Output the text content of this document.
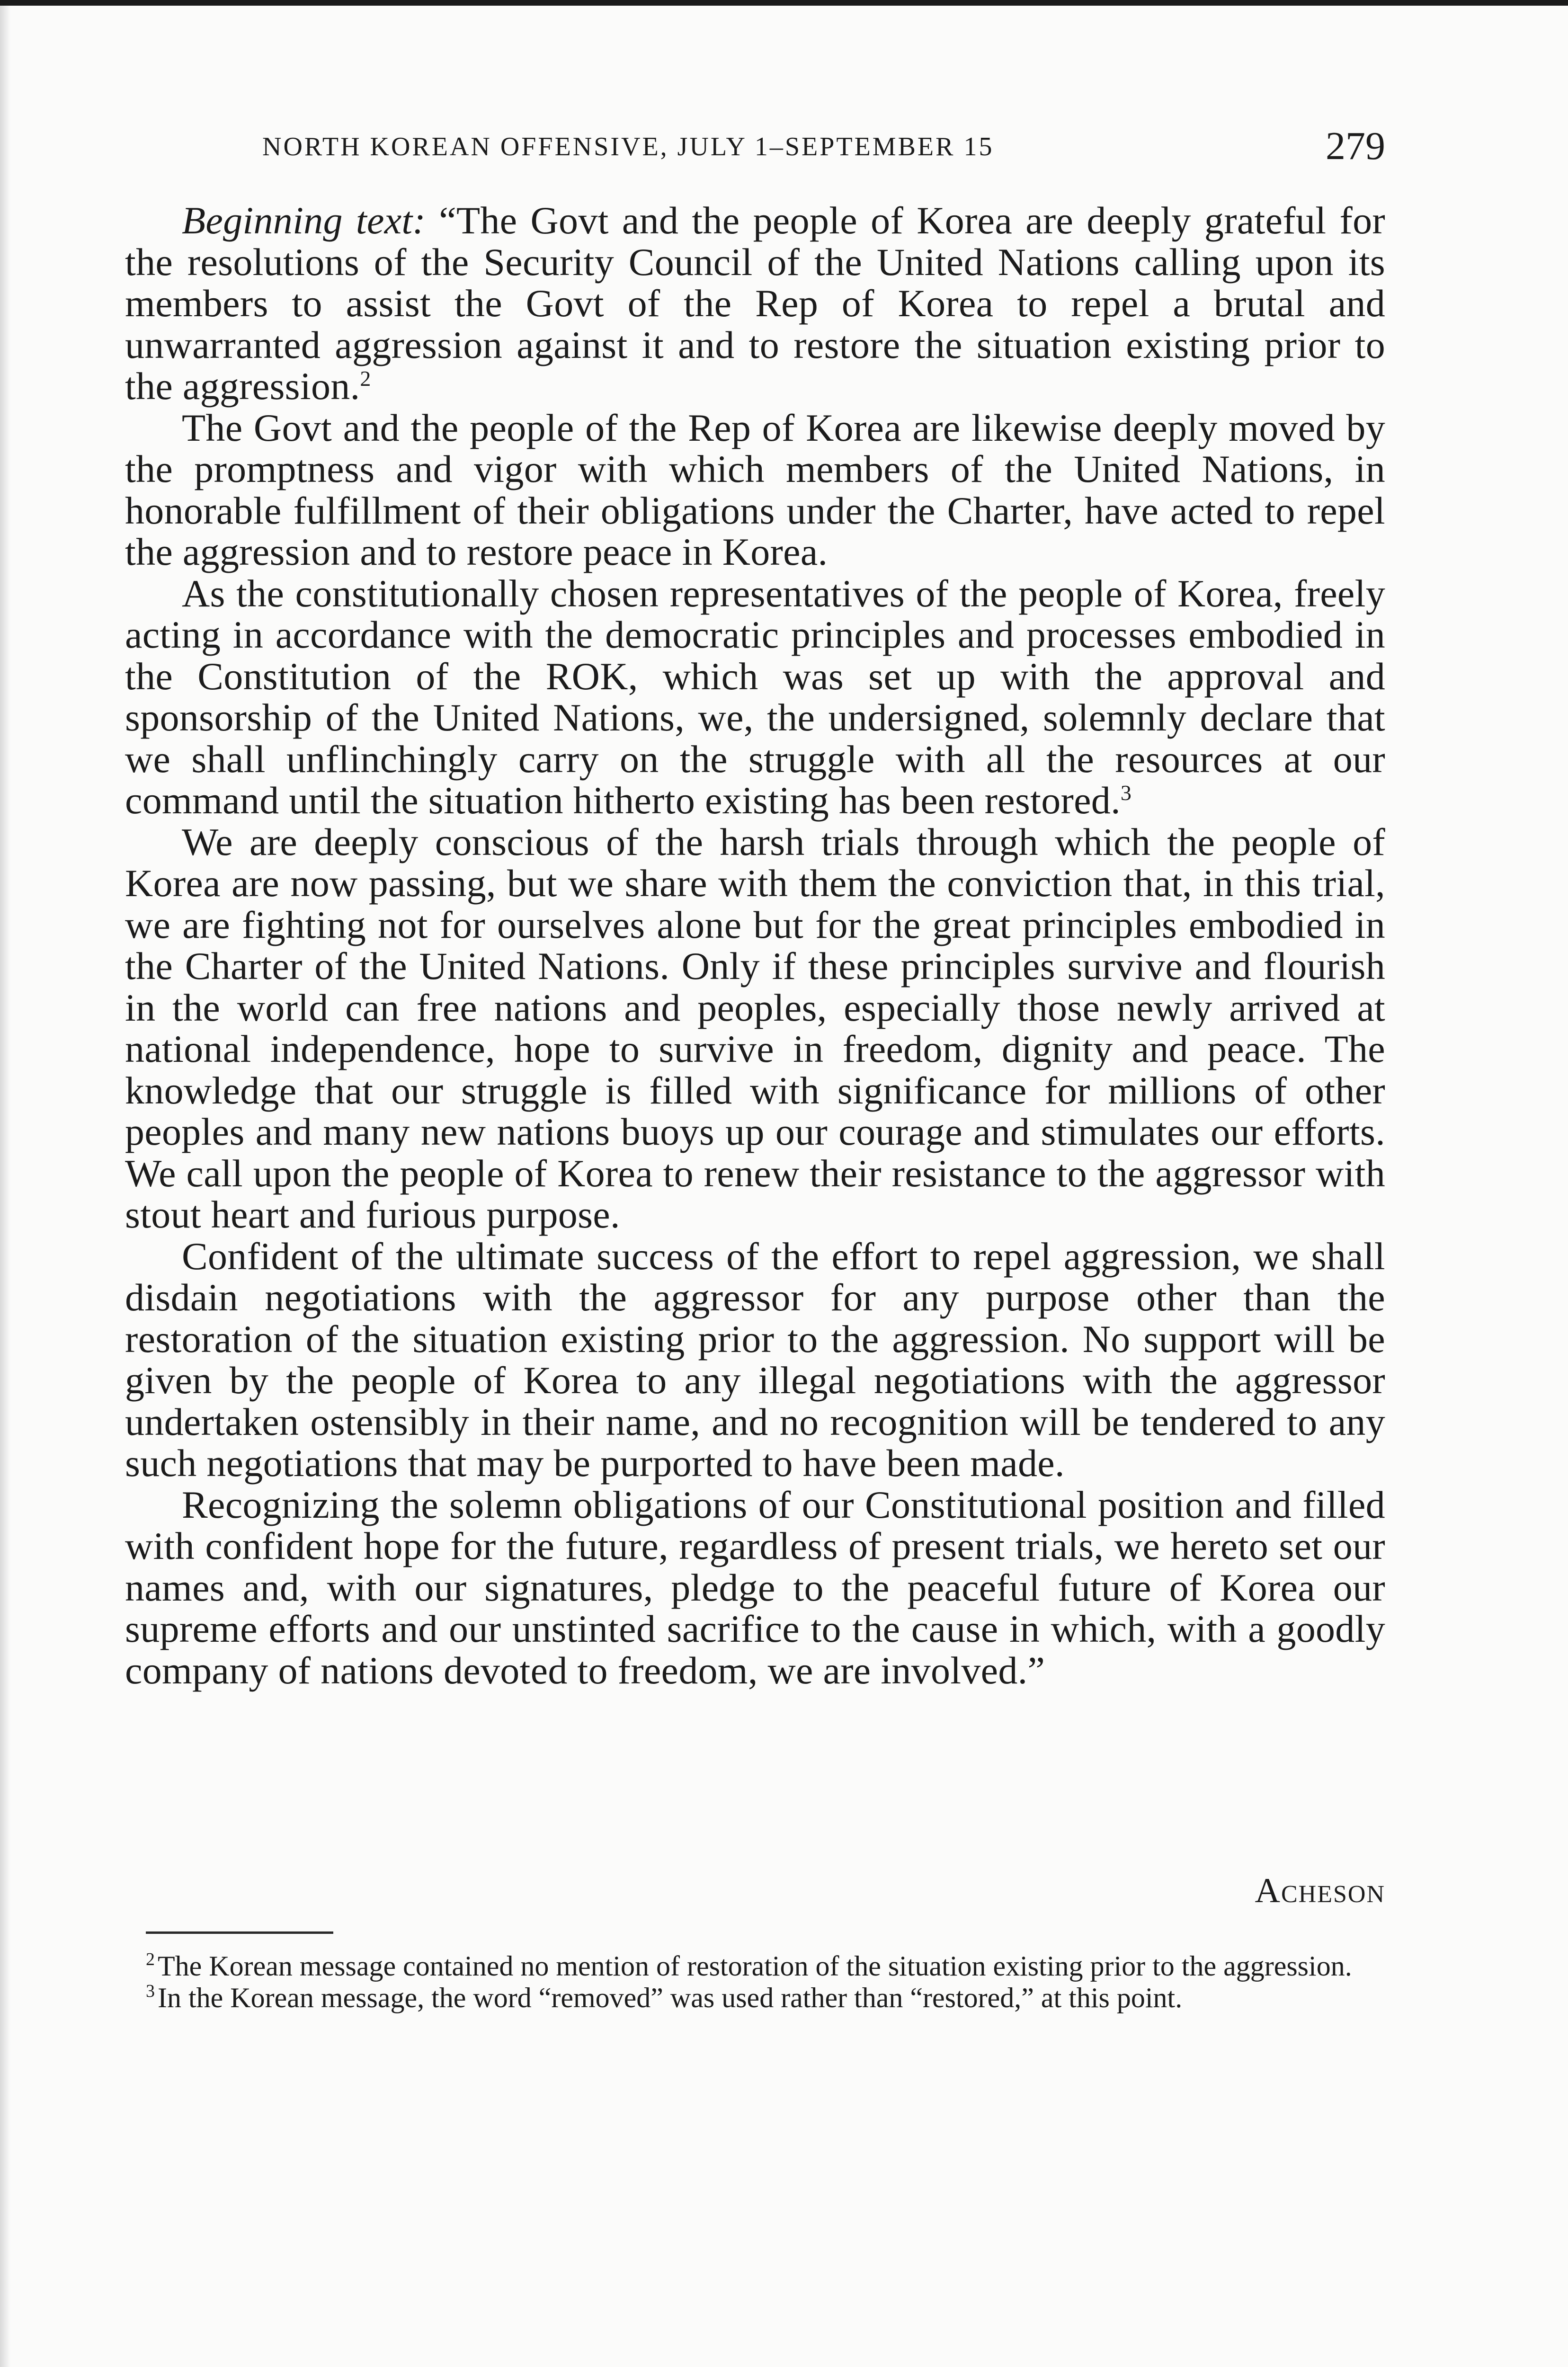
NORTH KOREAN OFFENSIVE, JULY 1–SEPTEMBER 15	279

Beginning text: “The Govt and the people of Korea are deeply grateful for the resolutions of the Security Council of the United Nations calling upon its members to assist the Govt of the Rep of Korea to repel a brutal and unwarranted aggression against it and to restore the situation existing prior to the aggression.$^2$

The Govt and the people of the Rep of Korea are likewise deeply moved by the promptness and vigor with which members of the United Nations, in honorable fulfillment of their obligations under the Charter, have acted to repel the aggression and to restore peace in Korea.

As the constitutionally chosen representatives of the people of Korea, freely acting in accordance with the democratic principles and processes embodied in the Constitution of the ROK, which was set up with the approval and sponsorship of the United Nations, we, the undersigned, solemnly declare that we shall unflinchingly carry on the struggle with all the resources at our command until the situation hitherto existing has been restored.$^3$

We are deeply conscious of the harsh trials through which the people of Korea are now passing, but we share with them the conviction that, in this trial, we are fighting not for ourselves alone but for the great principles embodied in the Charter of the United Nations. Only if these principles survive and flourish in the world can free nations and peoples, especially those newly arrived at national independence, hope to survive in freedom, dignity and peace. The knowledge that our struggle is filled with significance for millions of other peoples and many new nations buoys up our courage and stimulates our efforts. We call upon the people of Korea to renew their resistance to the aggressor with stout heart and furious purpose.

Confident of the ultimate success of the effort to repel aggression, we shall disdain negotiations with the aggressor for any purpose other than the restoration of the situation existing prior to the aggression. No support will be given by the people of Korea to any illegal negotiations with the aggressor undertaken ostensibly in their name, and no recognition will be tendered to any such negotiations that may be purported to have been made.

Recognizing the solemn obligations of our Constitutional position and filled with confident hope for the future, regardless of present trials, we hereto set our names and, with our signatures, pledge to the peaceful future of Korea our supreme efforts and our unstinted sacrifice to the cause in which, with a goodly company of nations devoted to freedom, we are involved.”

Acheson

$^2$ The Korean message contained no mention of restoration of the situation existing prior to the aggression.

$^3$ In the Korean message, the word “removed” was used rather than “restored,” at this point.
